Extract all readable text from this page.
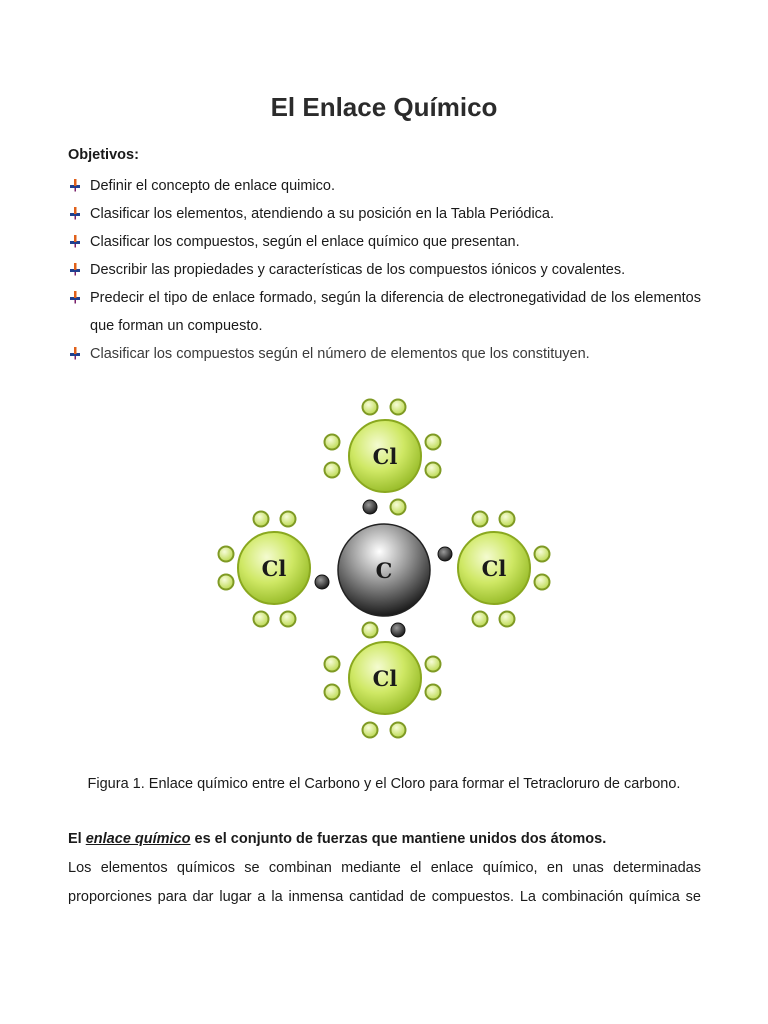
El Enlace Químico

Objetivos:

Definir el concepto de enlace quimico.
Clasificar los elementos, atendiendo a su posición en la Tabla Periódica.
Clasificar los compuestos, según el enlace químico que presentan.
Describir las propiedades y características de los compuestos iónicos y covalentes.
Predecir el tipo de enlace formado, según la diferencia de electronegatividad de los elementos que forman un compuesto.
Clasificar los compuestos según el número de elementos que los constituyen.
Cl
Cl	Cl
Cl
C

Figura 1. Enlace químico entre el Carbono y el Cloro para formar el Tetracloruro de carbono.

El enlace químico es el conjunto de fuerzas que mantiene unidos dos átomos.

Los elementos químicos se combinan mediante el enlace químico, en unas determinadas proporciones para dar lugar a la inmensa cantidad de compuestos. La combinación química se
